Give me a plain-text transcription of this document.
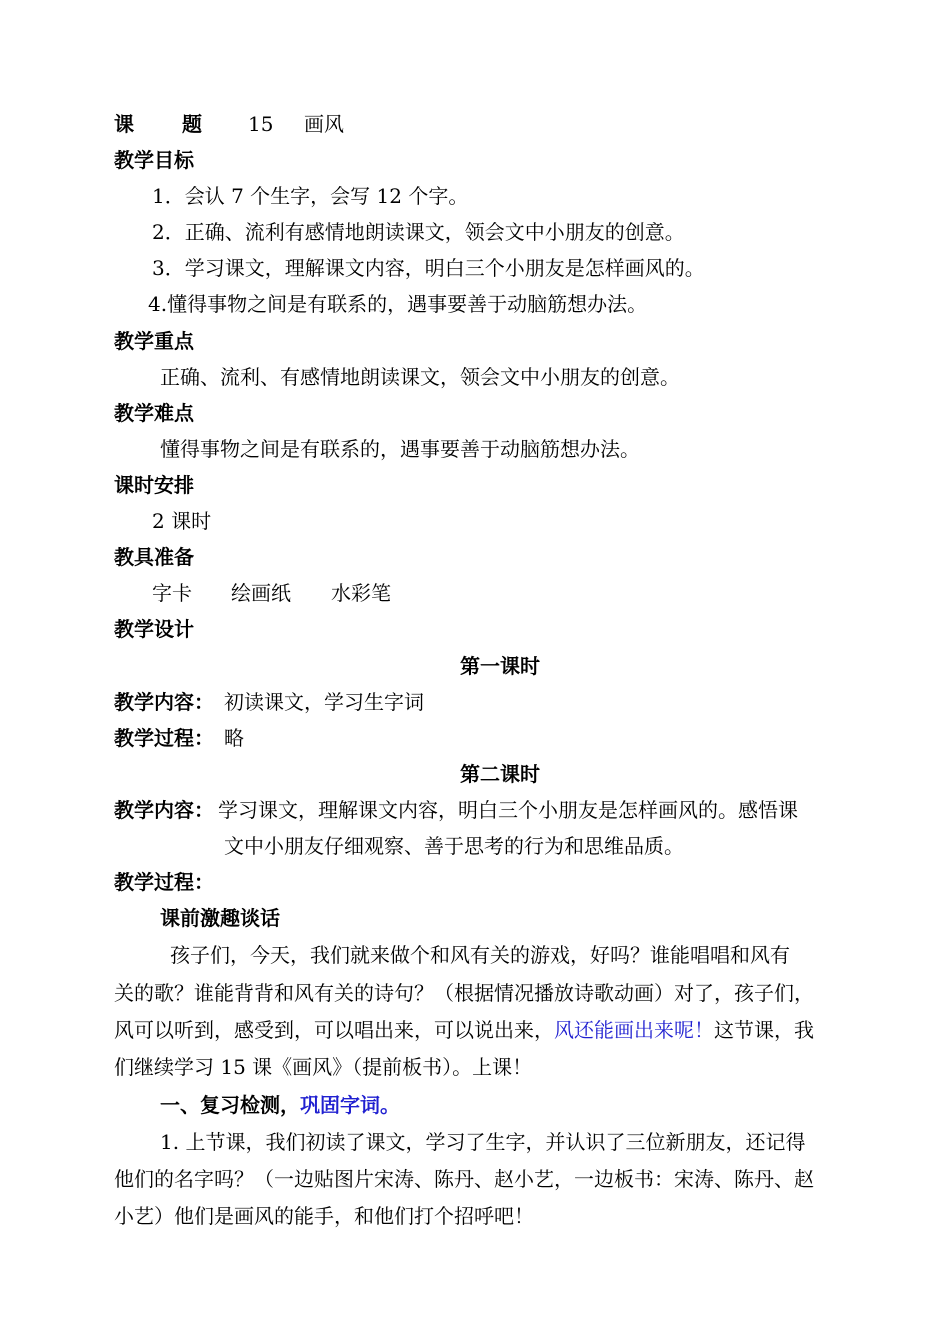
课 题 15 画风
教学目标
1．会认 7 个生字，会写 12 个字。
2．正确、流利有感情地朗读课文，领会文中小朋友的创意。
3．学习课文，理解课文内容，明白三个小朋友是怎样画风的。
4.懂得事物之间是有联系的，遇事要善于动脑筋想办法。
教学重点
正确、流利、有感情地朗读课文，领会文中小朋友的创意。
教学难点
懂得事物之间是有联系的，遇事要善于动脑筋想办法。
课时安排
2 课时
教具准备
字卡 绘画纸 水彩笔
教学设计
第一课时
教学内容： 初读课文，学习生字词
教学过程： 略
第二课时
教学内容： 学习课文，理解课文内容，明白三个小朋友是怎样画风的。感悟课
文中小朋友仔细观察、善于思考的行为和思维品质。
教学过程：
课前激趣谈话
孩子们，今天，我们就来做个和风有关的游戏，好吗？谁能唱唱和风有
关的歌？谁能背背和风有关的诗句？（根据情况播放诗歌动画）对了，孩子们，
风可以听到，感受到，可以唱出来，可以说出来，风还能画出来呢！这节课，我
们继续学习 15 课《画风》（提前板书）。上课！
一、复习检测，巩固字词。
1. 上节课，我们初读了课文，学习了生字，并认识了三位新朋友，还记得
他们的名字吗？（一边贴图片宋涛、陈丹、赵小艺，一边板书：宋涛、陈丹、赵
小艺）他们是画风的能手，和他们打个招呼吧！
